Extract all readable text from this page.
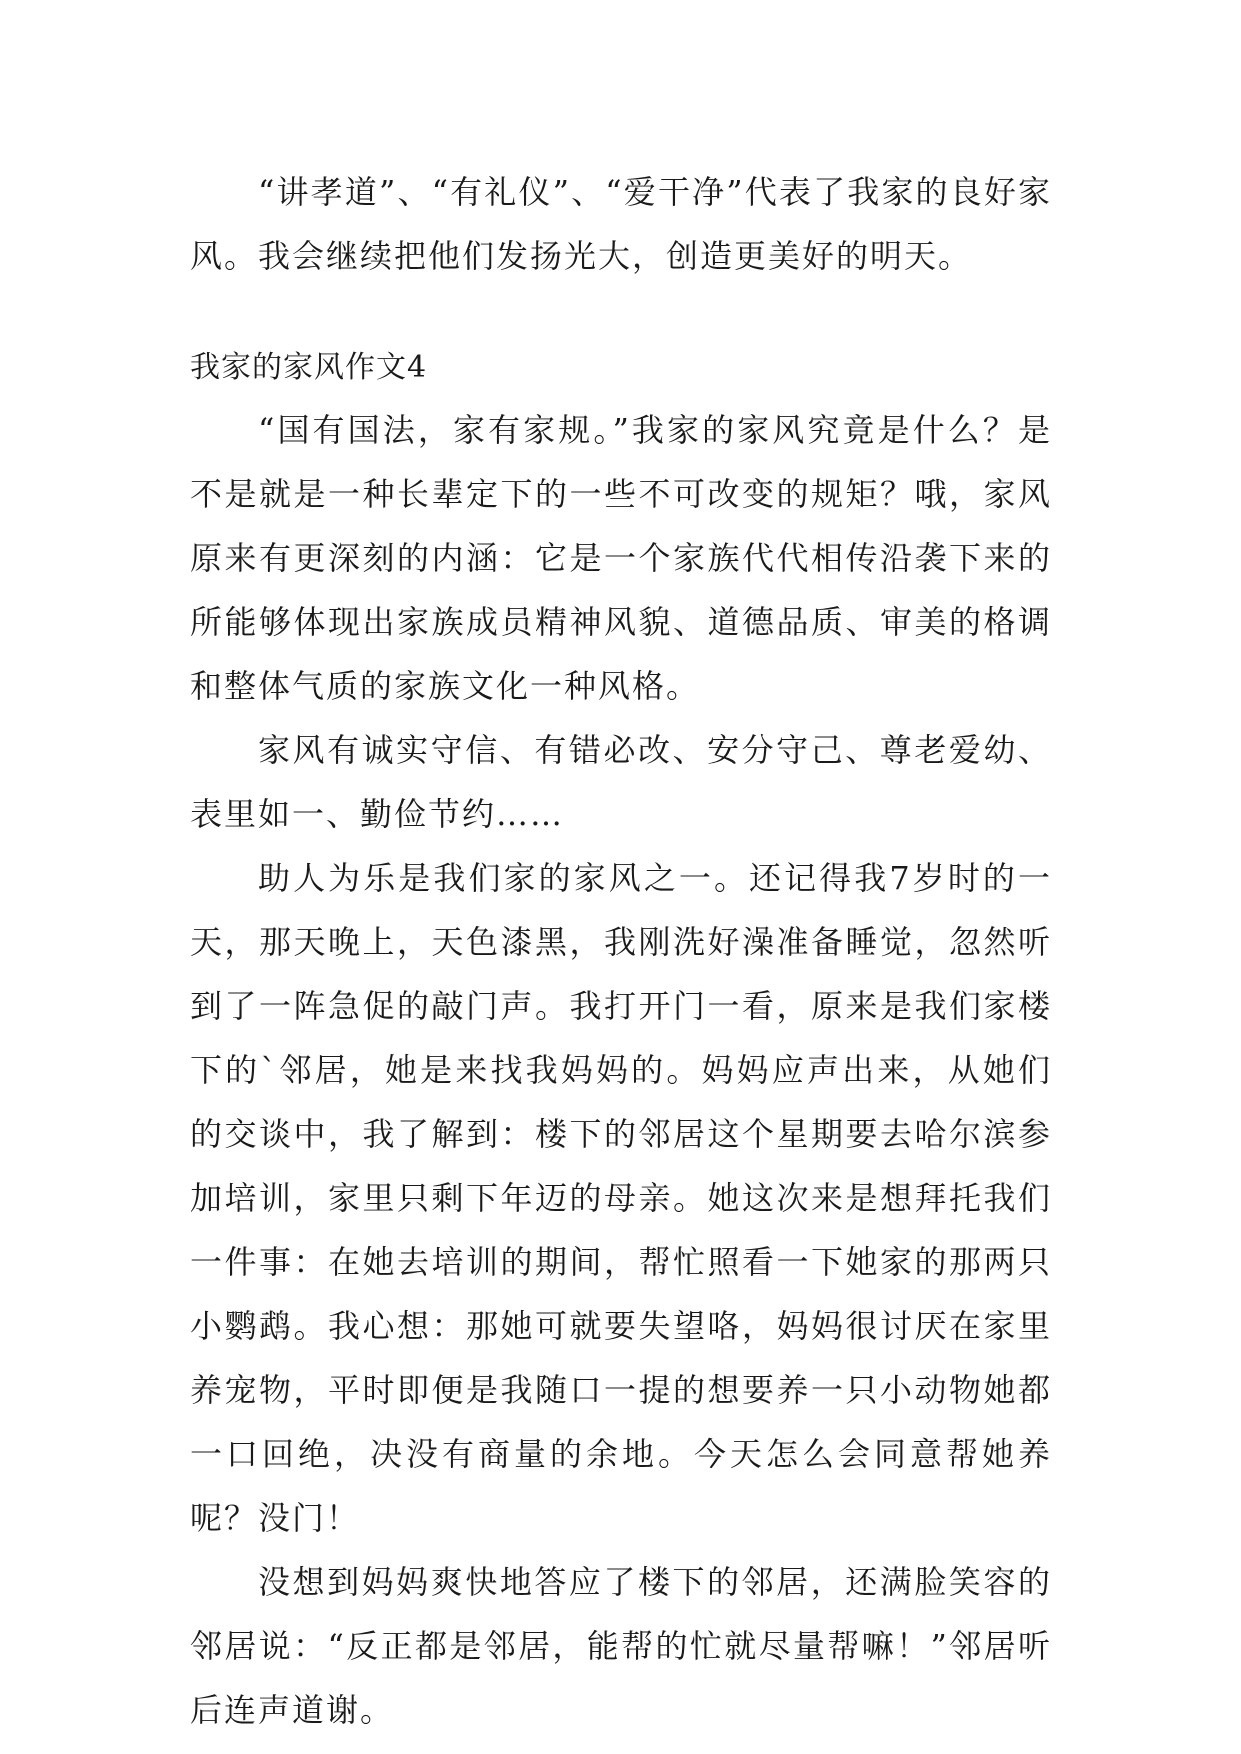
“讲孝道”、“有礼仪”、“爱干净”代表了我家的良好家风。我会继续把他们发扬光大，创造更美好的明天。

我家的家风作文4

“国有国法，家有家规。”我家的家风究竟是什么？是不是就是一种长辈定下的一些不可改变的规矩？哦，家风原来有更深刻的内涵：它是一个家族代代相传沿袭下来的所能够体现出家族成员精神风貌、道德品质、审美的格调和整体气质的家族文化一种风格。

家风有诚实守信、有错必改、安分守己、尊老爱幼、表里如一、勤俭节约……

助人为乐是我们家的家风之一。还记得我7岁时的一天，那天晚上，天色漆黑，我刚洗好澡准备睡觉，忽然听到了一阵急促的敲门声。我打开门一看，原来是我们家楼下的`邻居，她是来找我妈妈的。妈妈应声出来，从她们的交谈中，我了解到：楼下的邻居这个星期要去哈尔滨参加培训，家里只剩下年迈的母亲。她这次来是想拜托我们一件事：在她去培训的期间，帮忙照看一下她家的那两只小鹦鹉。我心想：那她可就要失望咯，妈妈很讨厌在家里养宠物，平时即便是我随口一提的想要养一只小动物她都一口回绝，决没有商量的余地。今天怎么会同意帮她养呢？没门！

没想到妈妈爽快地答应了楼下的邻居，还满脸笑容的邻居说：“反正都是邻居，能帮的忙就尽量帮嘛！”邻居听后连声道谢。
